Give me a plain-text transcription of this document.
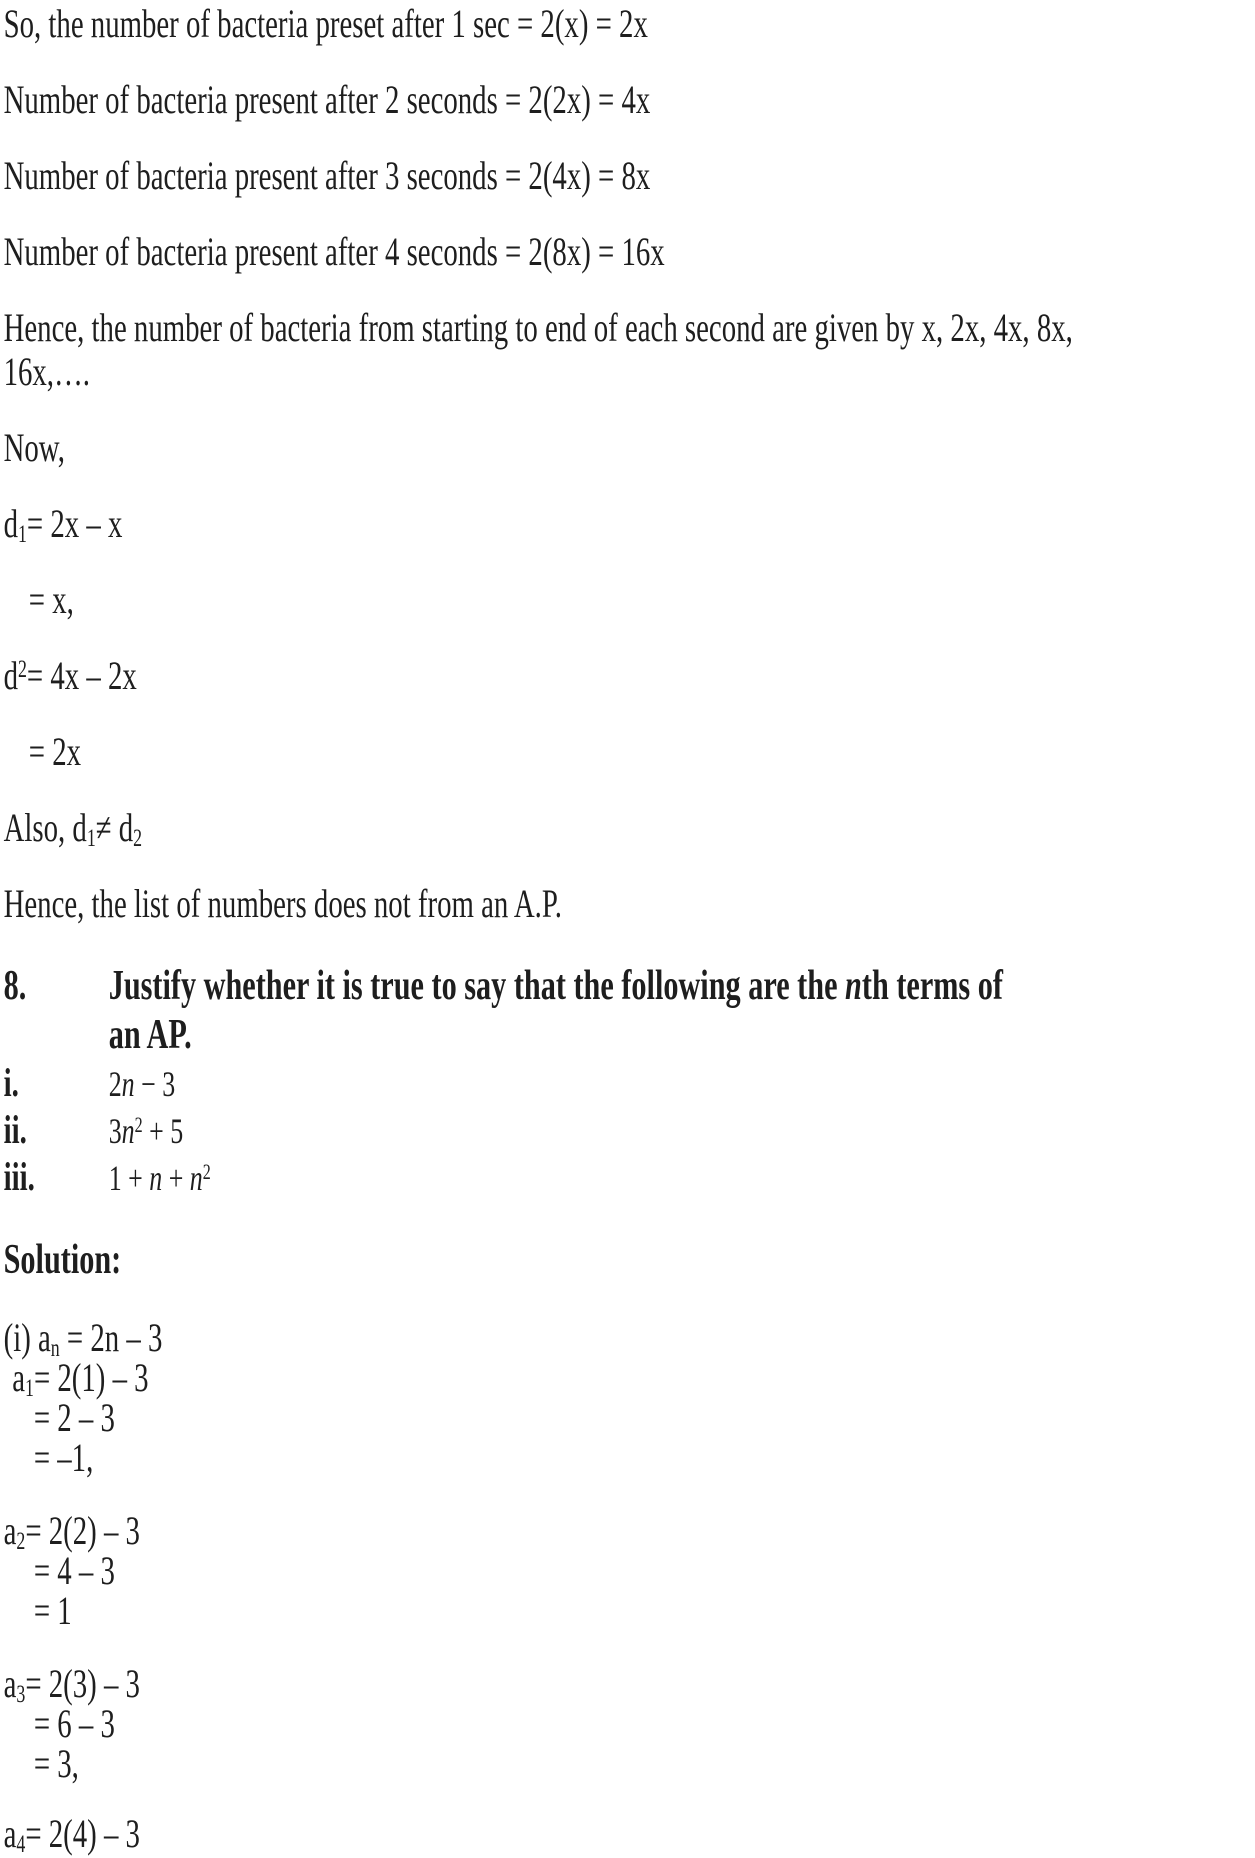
So, the number of bacteria preset after 1 sec = 2(x) = 2x
Number of bacteria present after 2 seconds = 2(2x) = 4x
Number of bacteria present after 3 seconds = 2(4x) = 8x
Number of bacteria present after 4 seconds = 2(8x) = 16x
Hence, the number of bacteria from starting to end of each second are given by x, 2x, 4x, 8x,
16x,….
Now,
d1= 2x – x
= x,
$d^2= 4x - 2x$
= 2x
Also, d1≠ d2
Hence, the list of numbers does not from an A.P.
8.	Justify whether it is true to say that the following are the nth terms of
an AP.
i.	2n − 3
ii.	$3n^2 + 5$
iii.	$1 + n + n^2$
Solution:
(i) an = 2n – 3
a1= 2(1) – 3
= 2 – 3
= –1,
a2= 2(2) – 3
= 4 – 3
= 1
a3= 2(3) – 3
= 6 – 3
= 3,
a4= 2(4) – 3
